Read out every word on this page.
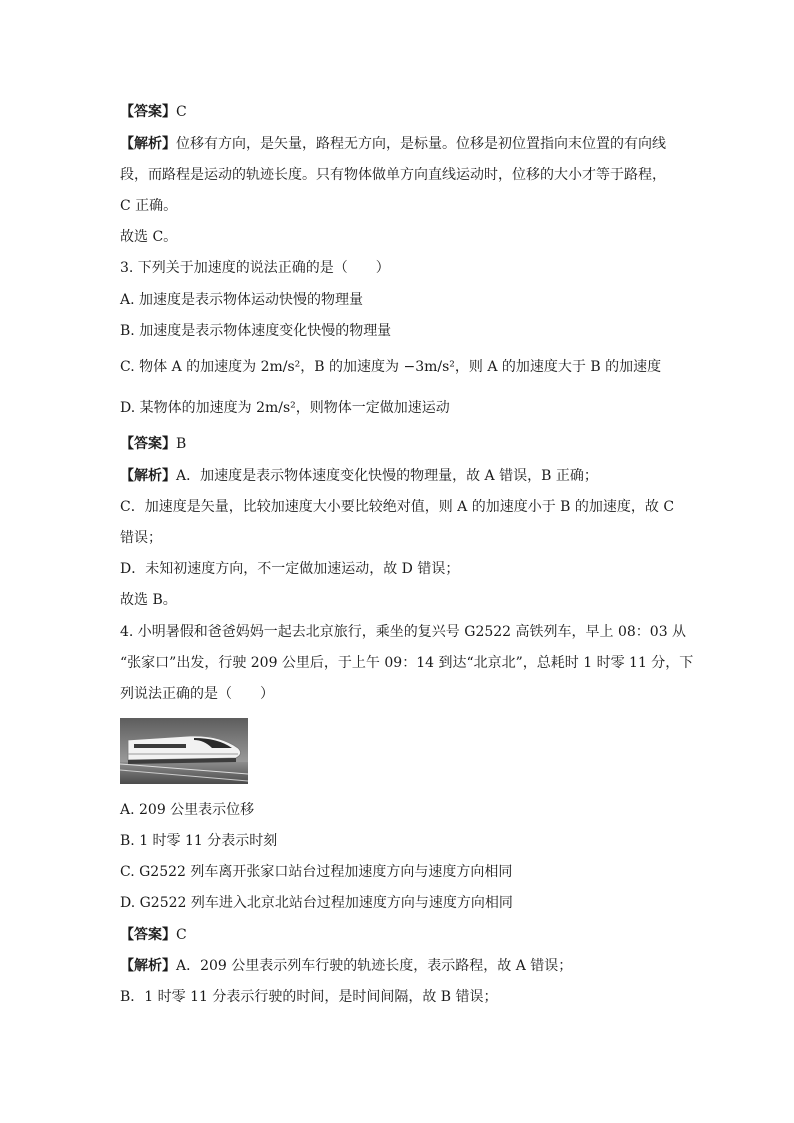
【答案】C
【解析】位移有方向，是矢量，路程无方向，是标量。位移是初位置指向末位置的有向线
段，而路程是运动的轨迹长度。只有物体做单方向直线运动时，位移的大小才等于路程，
C 正确。
故选 C。
3. 下列关于加速度的说法正确的是（　　）
A. 加速度是表示物体运动快慢的物理量
B. 加速度是表示物体速度变化快慢的物理量
C. 物体 A 的加速度为 2m/s²，B 的加速度为 −3m/s²，则 A 的加速度大于 B 的加速度
D. 某物体的加速度为 2m/s²，则物体一定做加速运动
【答案】B
【解析】A．加速度是表示物体速度变化快慢的物理量，故 A 错误，B 正确；
C．加速度是矢量，比较加速度大小要比较绝对值，则 A 的加速度小于 B 的加速度，故 C
错误；
D．未知初速度方向，不一定做加速运动，故 D 错误；
故选 B。
4. 小明暑假和爸爸妈妈一起去北京旅行，乘坐的复兴号 G2522 高铁列车，早上 08：03 从
“张家口”出发，行驶 209 公里后，于上午 09：14 到达“北京北”，总耗时 1 时零 11 分，下
列说法正确的是（　　）
A. 209 公里表示位移
B. 1 时零 11 分表示时刻
C. G2522 列车离开张家口站台过程加速度方向与速度方向相同
D. G2522 列车进入北京北站台过程加速度方向与速度方向相同
【答案】C
【解析】A．209 公里表示列车行驶的轨迹长度，表示路程，故 A 错误；
B．1 时零 11 分表示行驶的时间，是时间间隔，故 B 错误；
